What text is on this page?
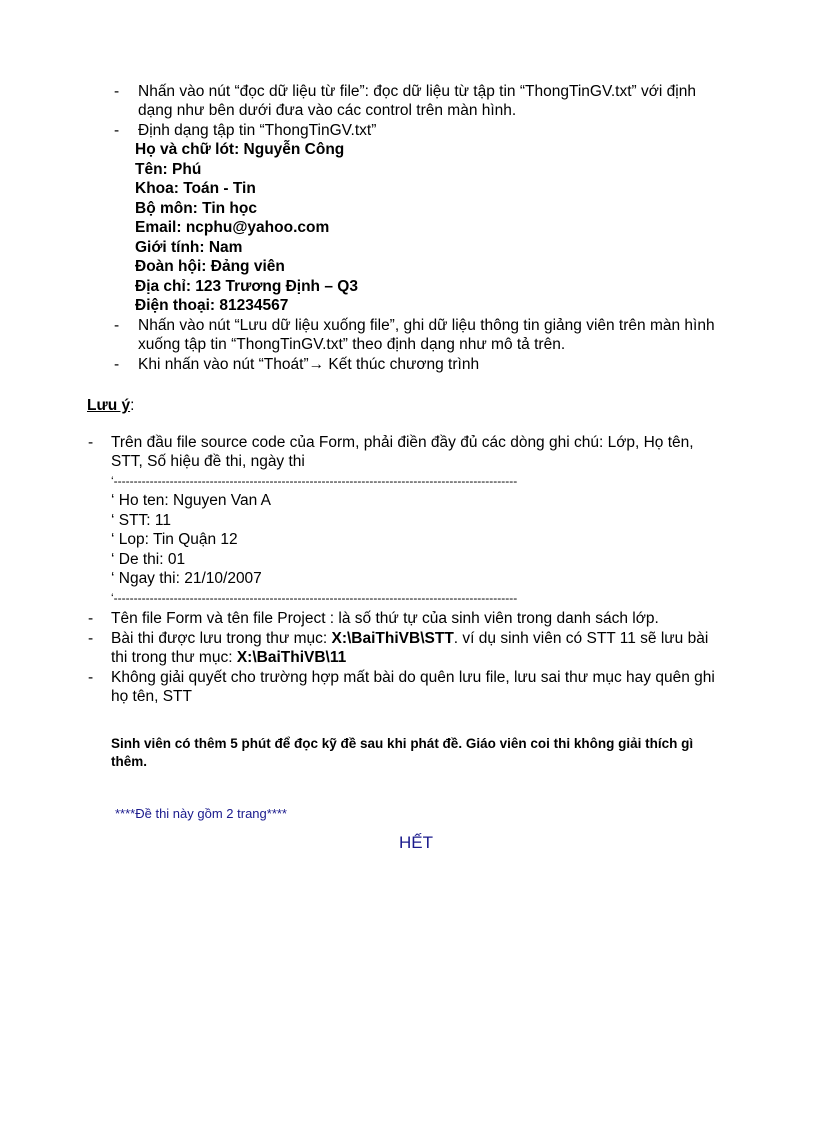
- Nhấn vào nút “đọc dữ liệu từ file”: đọc dữ liệu từ tập tin “ThongTinGV.txt” với định
dạng như bên dưới đưa vào các control trên màn hình.
- Định dạng tập tin “ThongTinGV.txt”
Họ và chữ lót: Nguyễn Công
Tên: Phú
Khoa: Toán - Tin
Bộ môn: Tin học
Email: ncphu@yahoo.com
Giới tính: Nam
Đoàn hội: Đảng viên
Địa chỉ: 123 Trương Định – Q3
Điện thoại: 81234567
- Nhấn vào nút “Lưu dữ liệu xuống file”, ghi dữ liệu thông tin giảng viên trên màn hình
xuống tập tin “ThongTinGV.txt” theo định dạng như mô tả trên.
- Khi nhấn vào nút “Thoát”→ Kết thúc chương trình
Lưu ý:
- Trên đầu file source code của Form, phải điền đầy đủ các dòng ghi chú: Lớp, Họ tên,
STT, Số hiệu đề thi, ngày thi
‘-----------------------------------------------------------------------------------------------------
‘ Ho ten: Nguyen Van A
‘ STT: 11
‘ Lop: Tin Quận 12
‘ De thi: 01
‘ Ngay thi: 21/10/2007
‘-----------------------------------------------------------------------------------------------------
- Tên file Form và tên file Project : là số thứ tự của sinh viên trong danh sách lớp.
- Bài thi được lưu trong thư mục: X:\BaiThiVB\STT. ví dụ sinh viên có STT 11 sẽ lưu bài
thi trong thư mục: X:\BaiThiVB\11
- Không giải quyết cho trường hợp mất bài do quên lưu file, lưu sai thư mục hay quên ghi
họ tên, STT
Sinh viên có thêm 5 phút để đọc kỹ đề sau khi phát đề. Giáo viên coi thi không giải thích gì
thêm.
****Đề thi này gồm 2 trang****
HẾT
